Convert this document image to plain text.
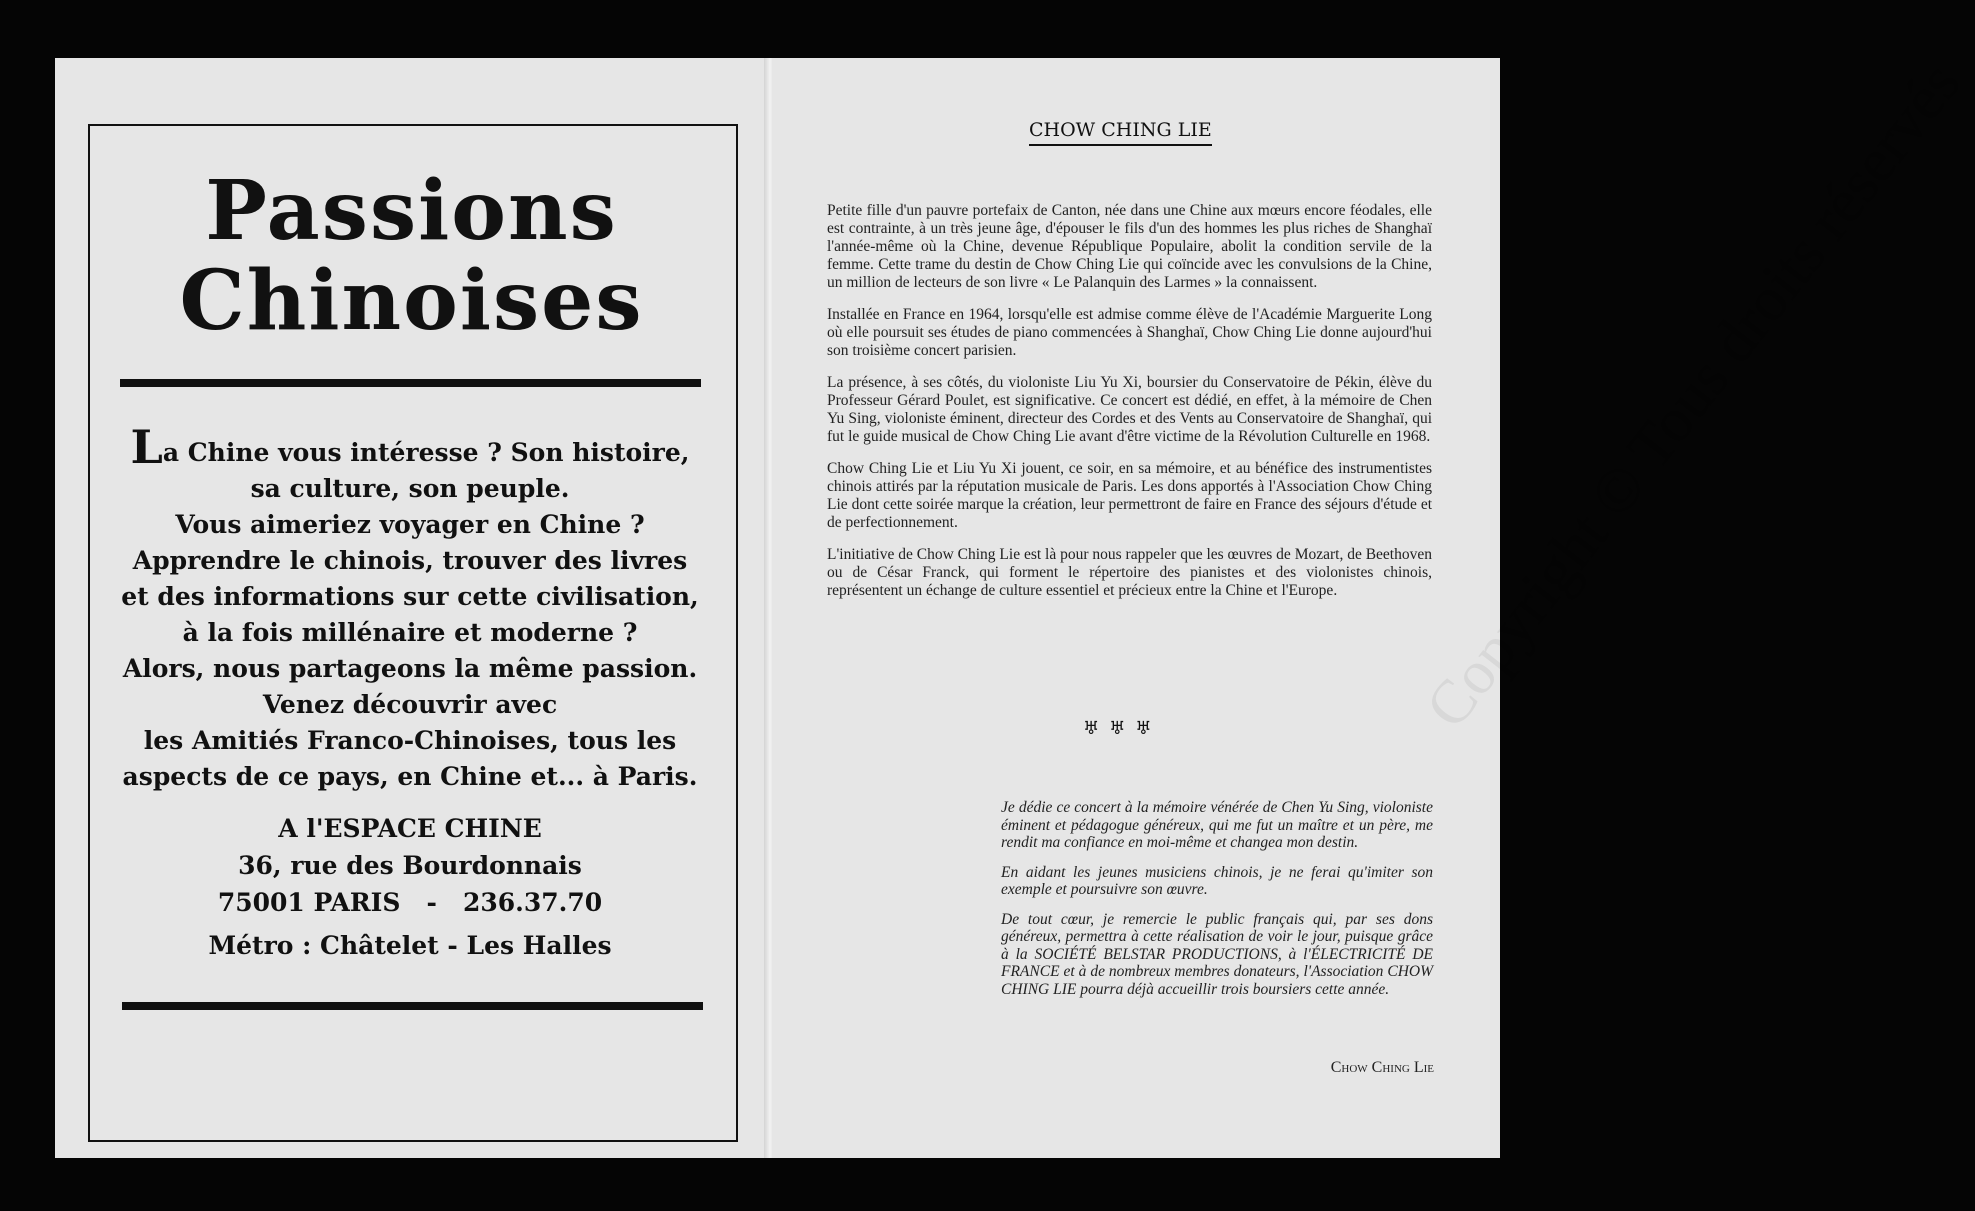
Passions
Chinoises
La Chine vous intéresse ? Son histoire,
sa culture, son peuple.
Vous aimeriez voyager en Chine ?
Apprendre le chinois, trouver des livres
et des informations sur cette civilisation,
à la fois millénaire et moderne ?
Alors, nous partageons la même passion.
Venez découvrir avec
les Amitiés Franco-Chinoises, tous les
aspects de ce pays, en Chine et... à Paris.
A l'ESPACE CHINE
36, rue des Bourdonnais
75001 PARIS   -   236.37.70
Métro : Châtelet - Les Halles
Copyright © Tous droits réservés
CHOW CHING LIE

Petite fille d'un pauvre portefaix de Canton, née dans une Chine aux mœurs encore féodales, elle est contrainte, à un très jeune âge, d'épouser le fils d'un des hommes les plus riches de Shanghaï l'année-même où la Chine, devenue République Populaire, abolit la condition servile de la femme. Cette trame du destin de Chow Ching Lie qui coïncide avec les convulsions de la Chine, un million de lecteurs de son livre « Le Palanquin des Larmes » la connaissent.

Installée en France en 1964, lorsqu'elle est admise comme élève de l'Académie Marguerite Long où elle poursuit ses études de piano commencées à Shanghaï, Chow Ching Lie donne aujourd'hui son troisième concert parisien.

La présence, à ses côtés, du violoniste Liu Yu Xi, boursier du Conservatoire de Pékin, élève du Professeur Gérard Poulet, est significative. Ce concert est dédié, en effet, à la mémoire de Chen Yu Sing, violoniste éminent, directeur des Cordes et des Vents au Conservatoire de Shanghaï, qui fut le guide musical de Chow Ching Lie avant d'être victime de la Révolution Culturelle en 1968.

Chow Ching Lie et Liu Yu Xi jouent, ce soir, en sa mémoire, et au bénéfice des instrumentistes chinois attirés par la réputation musicale de Paris. Les dons apportés à l'Association Chow Ching Lie dont cette soirée marque la création, leur permettront de faire en France des séjours d'étude et de perfectionnement.

L'initiative de Chow Ching Lie est là pour nous rappeler que les œuvres de Mozart, de Beethoven ou de César Franck, qui forment le répertoire des pianistes et des violonistes chinois, représentent un échange de culture essentiel et précieux entre la Chine et l'Europe.

♅♅♅

Je dédie ce concert à la mémoire vénérée de Chen Yu Sing, violoniste éminent et pédagogue généreux, qui me fut un maître et un père, me rendit ma confiance en moi-même et changea mon destin.

En aidant les jeunes musiciens chinois, je ne ferai qu'imiter son exemple et poursuivre son œuvre.

De tout cœur, je remercie le public français qui, par ses dons généreux, permettra à cette réalisation de voir le jour, puisque grâce à la SOCIÉTÉ BELSTAR PRODUCTIONS, à l'ÉLECTRICITÉ DE FRANCE et à de nombreux membres donateurs, l'Association CHOW CHING LIE pourra déjà accueillir trois boursiers cette année.

Chow Ching Lie
